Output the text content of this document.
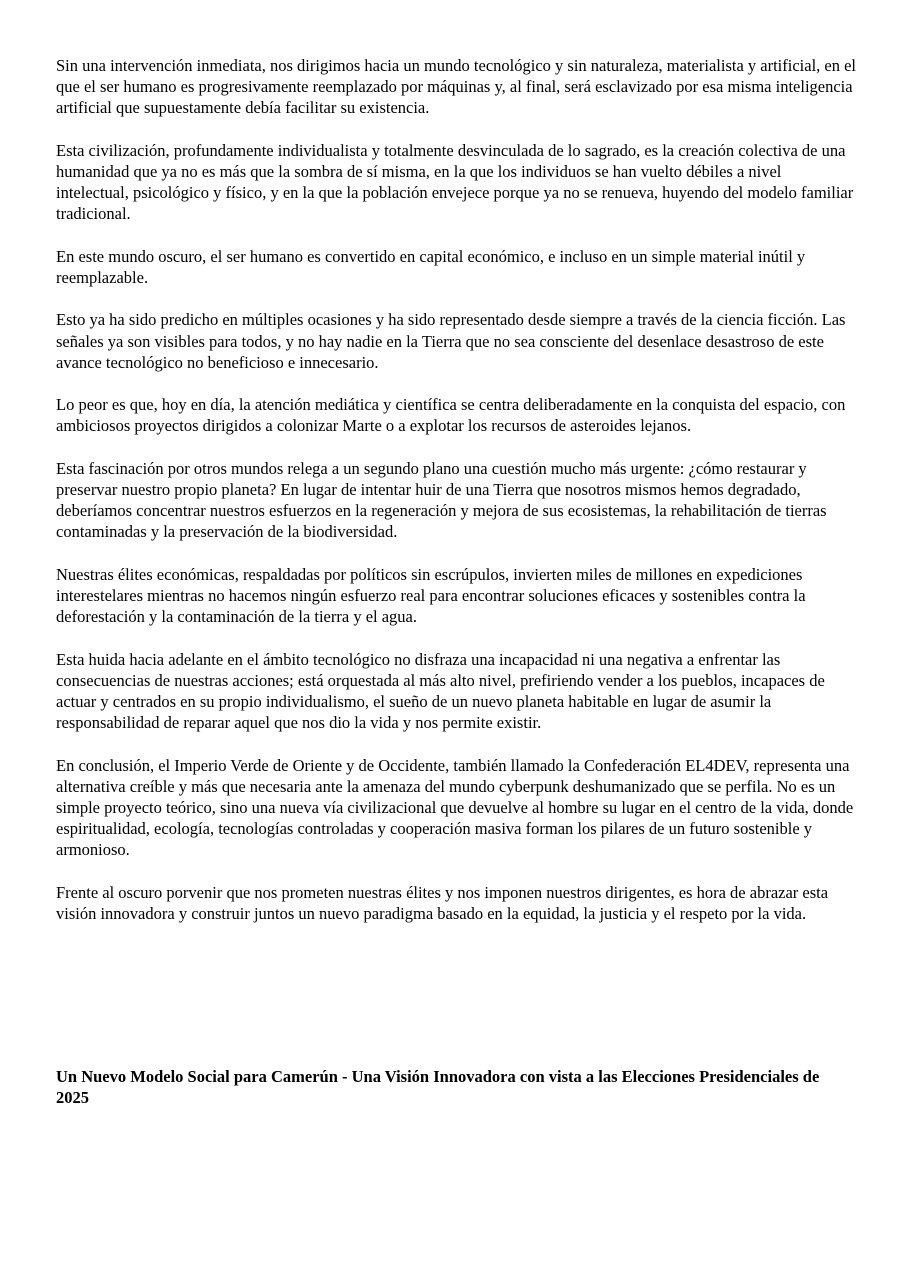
Sin una intervención inmediata, nos dirigimos hacia un mundo tecnológico y sin naturaleza, materialista y artificial, en el que el ser humano es progresivamente reemplazado por máquinas y, al final, será esclavizado por esa misma inteligencia artificial que supuestamente debía facilitar su existencia.

Esta civilización, profundamente individualista y totalmente desvinculada de lo sagrado, es la creación colectiva de una humanidad que ya no es más que la sombra de sí misma, en la que los individuos se han vuelto débiles a nivel intelectual, psicológico y físico, y en la que la población envejece porque ya no se renueva, huyendo del modelo familiar tradicional.

En este mundo oscuro, el ser humano es convertido en capital económico, e incluso en un simple material inútil y reemplazable.

Esto ya ha sido predicho en múltiples ocasiones y ha sido representado desde siempre a través de la ciencia ficción. Las señales ya son visibles para todos, y no hay nadie en la Tierra que no sea consciente del desenlace desastroso de este avance tecnológico no beneficioso e innecesario.

Lo peor es que, hoy en día, la atención mediática y científica se centra deliberadamente en la conquista del espacio, con ambiciosos proyectos dirigidos a colonizar Marte o a explotar los recursos de asteroides lejanos.

Esta fascinación por otros mundos relega a un segundo plano una cuestión mucho más urgente: ¿cómo restaurar y preservar nuestro propio planeta? En lugar de intentar huir de una Tierra que nosotros mismos hemos degradado, deberíamos concentrar nuestros esfuerzos en la regeneración y mejora de sus ecosistemas, la rehabilitación de tierras contaminadas y la preservación de la biodiversidad.

Nuestras élites económicas, respaldadas por políticos sin escrúpulos, invierten miles de millones en expediciones interestelares mientras no hacemos ningún esfuerzo real para encontrar soluciones eficaces y sostenibles contra la deforestación y la contaminación de la tierra y el agua.

Esta huida hacia adelante en el ámbito tecnológico no disfraza una incapacidad ni una negativa a enfrentar las consecuencias de nuestras acciones; está orquestada al más alto nivel, prefiriendo vender a los pueblos, incapaces de actuar y centrados en su propio individualismo, el sueño de un nuevo planeta habitable en lugar de asumir la responsabilidad de reparar aquel que nos dio la vida y nos permite existir.

En conclusión, el Imperio Verde de Oriente y de Occidente, también llamado la Confederación EL4DEV, representa una alternativa creíble y más que necesaria ante la amenaza del mundo cyberpunk deshumanizado que se perfila. No es un simple proyecto teórico, sino una nueva vía civilizacional que devuelve al hombre su lugar en el centro de la vida, donde espiritualidad, ecología, tecnologías controladas y cooperación masiva forman los pilares de un futuro sostenible y armonioso.

Frente al oscuro porvenir que nos prometen nuestras élites y nos imponen nuestros dirigentes, es hora de abrazar esta visión innovadora y construir juntos un nuevo paradigma basado en la equidad, la justicia y el respeto por la vida.

Un Nuevo Modelo Social para Camerún - Una Visión Innovadora con vista a las Elecciones Presidenciales de 2025
